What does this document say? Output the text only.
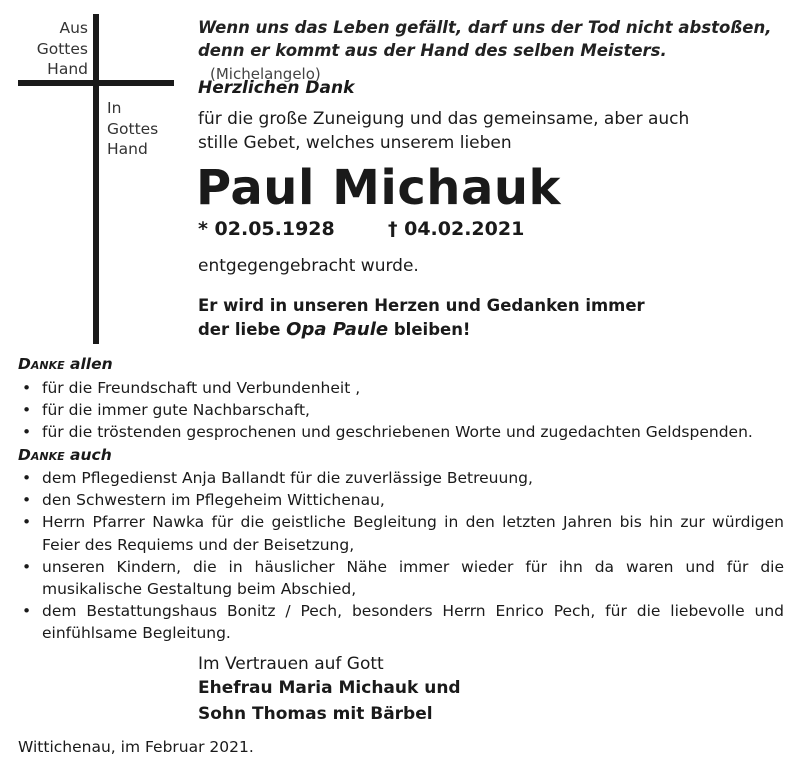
Aus
Gottes
Hand
In
Gottes
Hand
Wenn uns das Leben gefällt, darf uns der Tod nicht abstoßen,
denn er kommt aus der Hand des selben Meisters. (Michelangelo)
Herzlichen Dank
für die große Zuneigung und das gemeinsame, aber auch
stille Gebet, welches unserem lieben
Paul Michauk
* 02.05.1928	† 04.02.2021
entgegengebracht wurde.
Er wird in unseren Herzen und Gedanken immer
der liebe Opa Paule bleiben!
Danke allen
• für die Freundschaft und Verbundenheit ,
• für die immer gute Nachbarschaft,
• für die tröstenden gesprochenen und geschriebenen Worte und zugedachten Geldspenden.
Danke auch
• dem Pflegedienst Anja Ballandt für die zuverlässige Betreuung,
• den Schwestern im Pflegeheim Wittichenau,
• Herrn Pfarrer Nawka für die geistliche Begleitung in den letzten Jahren bis hin zur würdigen Feier des Requiems und der Beisetzung,
• unseren Kindern, die in häuslicher Nähe immer wieder für ihn da waren und für die musikalische Gestaltung beim Abschied,
• dem Bestattungshaus Bonitz / Pech, besonders Herrn Enrico Pech, für die liebevolle und einfühlsame Begleitung.
Im Vertrauen auf Gott
Ehefrau Maria Michauk und
Sohn Thomas mit Bärbel
Wittichenau, im Februar 2021.
